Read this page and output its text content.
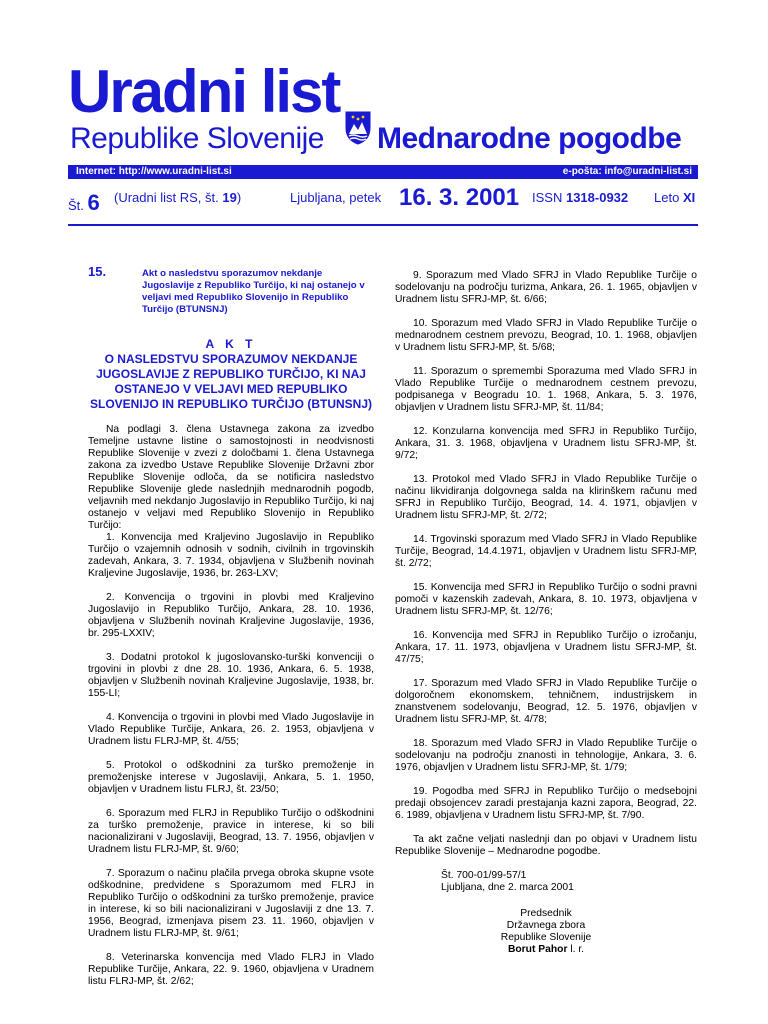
Uradni list
Republike Slovenije Mednarodne pogodbe
Internet: http://www.uradni-list.si	e-pošta: info@uradni-list.si
Št. 6 (Uradni list RS, št. 19)	Ljubljana, petek 16. 3. 2001 ISSN 1318-0932 Leto XI
15.	Akt o nasledstvu sporazumov nekdanje Jugoslavije z Republiko Turčijo, ki naj ostanejo v veljavi med Republiko Slovenijo in Republiko Turčijo (BTUNSNJ)
A K T
O NASLEDSTVU SPORAZUMOV NEKDANJE JUGOSLAVIJE Z REPUBLIKO TURČIJO, KI NAJ OSTANEJO V VELJAVI MED REPUBLIKO SLOVENIJO IN REPUBLIKO TURČIJO (BTUNSNJ)

Na podlagi 3. člena Ustavnega zakona za izvedbo Temeljne ustavne listine o samostojnosti in neodvisnosti Republike Slovenije v zvezi z določbami 1. člena Ustavnega zakona za izvedbo Ustave Republike Slovenije Državni zbor Republike Slovenije odloča, da se notificira nasledstvo Republike Slovenije glede naslednjih mednarodnih pogodb, veljavnih med nekdanjo Jugoslavijo in Republiko Turčijo, ki naj ostanejo v veljavi med Republiko Slovenijo in Republiko Turčijo:

1. Konvencija med Kraljevino Jugoslavijo in Republiko Turčijo o vzajemnih odnosih v sodnih, civilnih in trgovinskih zadevah, Ankara, 3. 7. 1934, objavljena v Službenih novinah Kraljevine Jugoslavije, 1936, br. 263-LXV;

2. Konvencija o trgovini in plovbi med Kraljevino Jugoslavijo in Republiko Turčijo, Ankara, 28. 10. 1936, objavljena v Službenih novinah Kraljevine Jugoslavije, 1936, br. 295-LXXIV;

3. Dodatni protokol k jugoslovansko-turški konvenciji o trgovini in plovbi z dne 28. 10. 1936, Ankara, 6. 5. 1938, objavljen v Službenih novinah Kraljevine Jugoslavije, 1938, br. 155-LI;

4. Konvencija o trgovini in plovbi med Vlado Jugoslavije in Vlado Republike Turčije, Ankara, 26. 2. 1953, objavljena v Uradnem listu FLRJ-MP, št. 4/55;

5. Protokol o odškodnini za turško premoženje in premoženjske interese v Jugoslaviji, Ankara, 5. 1. 1950, objavljen v Uradnem listu FLRJ, št. 23/50;

6. Sporazum med FLRJ in Republiko Turčijo o odškodnini za turško premoženje, pravice in interese, ki so bili nacionalizirani v Jugoslaviji, Beograd, 13. 7. 1956, objavljen v Uradnem listu FLRJ-MP, št. 9/60;

7. Sporazum o načinu plačila prvega obroka skupne vsote odškodnine, predvidene s Sporazumom med FLRJ in Republiko Turčijo o odškodnini za turško premoženje, pravice in interese, ki so bili nacionalizirani v Jugoslaviji z dne 13. 7. 1956, Beograd, izmenjava pisem 23. 11. 1960, objavljen v Uradnem listu FLRJ-MP, št. 9/61;

8. Veterinarska konvencija med Vlado FLRJ in Vlado Republike Turčije, Ankara, 22. 9. 1960, objavljena v Uradnem listu FLRJ-MP, št. 2/62;

9. Sporazum med Vlado SFRJ in Vlado Republike Turčije o sodelovanju na področju turizma, Ankara, 26. 1. 1965, objavljen v Uradnem listu SFRJ-MP, št. 6/66;

10. Sporazum med Vlado SFRJ in Vlado Republike Turčije o mednarodnem cestnem prevozu, Beograd, 10. 1. 1968, objavljen v Uradnem listu SFRJ-MP, št. 5/68;

11. Sporazum o spremembi Sporazuma med Vlado SFRJ in Vlado Republike Turčije o mednarodnem cestnem prevozu, podpisanega v Beogradu 10. 1. 1968, Ankara, 5. 3. 1976, objavljen v Uradnem listu SFRJ-MP, št. 11/84;

12. Konzularna konvencija med SFRJ in Republiko Turčijo, Ankara, 31. 3. 1968, objavljena v Uradnem listu SFRJ-MP, št. 9/72;

13. Protokol med Vlado SFRJ in Vlado Republike Turčije o načinu likvidiranja dolgovnega salda na klirinškem računu med SFRJ in Republiko Turčijo, Beograd, 14. 4. 1971, objavljen v Uradnem listu SFRJ-MP, št. 2/72;

14. Trgovinski sporazum med Vlado SFRJ in Vlado Republike Turčije, Beograd, 14.4.1971, objavljen v Uradnem listu SFRJ-MP, št. 2/72;

15. Konvencija med SFRJ in Republiko Turčijo o sodni pravni pomoči v kazenskih zadevah, Ankara, 8. 10. 1973, objavljena v Uradnem listu SFRJ-MP, št. 12/76;

16. Konvencija med SFRJ in Republiko Turčijo o izročanju, Ankara, 17. 11. 1973, objavljena v Uradnem listu SFRJ-MP, št. 47/75;

17. Sporazum med Vlado SFRJ in Vlado Republike Turčije o dolgoročnem ekonomskem, tehničnem, industrijskem in znanstvenem sodelovanju, Beograd, 12. 5. 1976, objavljen v Uradnem listu SFRJ-MP, št. 4/78;

18. Sporazum med Vlado SFRJ in Vlado Republike Turčije o sodelovanju na področju znanosti in tehnologije, Ankara, 3. 6. 1976, objavljen v Uradnem listu SFRJ-MP, št. 1/79;

19. Pogodba med SFRJ in Republiko Turčijo o medsebojni predaji obsojencev zaradi prestajanja kazni zapora, Beograd, 22. 6. 1989, objavljena v Uradnem listu SFRJ-MP, št. 7/90.

Ta akt začne veljati naslednji dan po objavi v Uradnem listu Republike Slovenije – Mednarodne pogodbe.

Št. 700-01/99-57/1

Ljubljana, dne 2. marca 2001

Predsednik
Državnega zbora
Republike Slovenije
Borut Pahor l. r.
